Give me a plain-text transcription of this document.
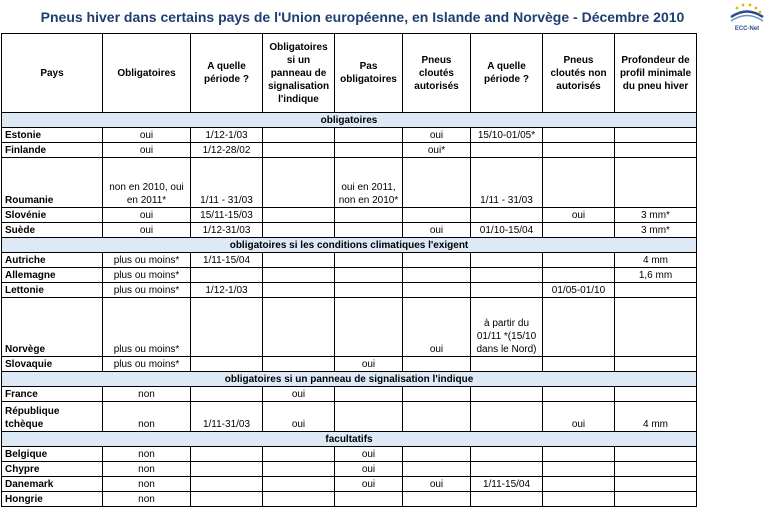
Pneus hiver dans certains pays de l'Union européenne, en Islande and Norvège - Décembre 2010
ECC-Net
Pays	Obligatoires	A quelle période ?	Obligatoires si un panneau de signalisation l'indique	Pas obligatoires	Pneus cloutés autorisés	A quelle période ?	Pneus cloutés non autorisés	Profondeur de profil minimale du pneu hiver
obligatoires								
Estonie	oui	1/12-1/03			oui	15/10-01/05*		
Finlande	oui	1/12-28/02			oui*			
Roumanie	non en 2010, oui en 2011*	1/11 - 31/03		oui en 2011, non en 2010*		1/11 - 31/03		
Slovénie	oui	15/11-15/03					oui	3 mm*
Suède	oui	1/12-31/03			oui	01/10-15/04		3 mm*
obligatoires si les conditions climatiques l'exigent								
Autriche	plus ou moins*	1/11-15/04						4 mm
Allemagne	plus ou moins*							1,6 mm
Lettonie	plus ou moins*	1/12-1/03					01/05-01/10	
Norvège	plus ou moins*				oui	à partir du 01/11 *(15/10 dans le Nord)		
Slovaquie	plus ou moins*			oui				
obligatoires si un panneau de signalisation l'indique								
France	non		oui					
République tchèque	non	1/11-31/03	oui				oui	4 mm
facultatifs								
Belgique	non			oui				
Chypre	non			oui				
Danemark	non			oui	oui	1/11-15/04		
Hongrie	non							
